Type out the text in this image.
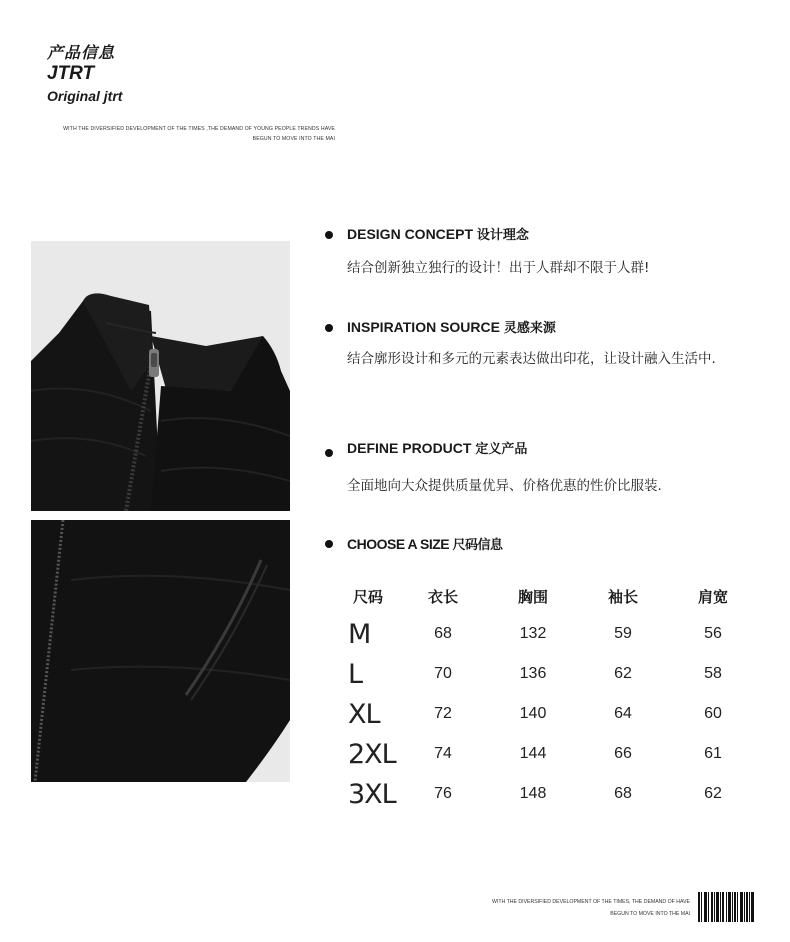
产品信息
JTRT
Original jtrt
WITH THE DIVERSIFIED DEVELOPMENT OF THE TIMES ,THE DEMAND OF YOUNG PEOPLE TRENDS HAVE BEGUN TO MOVE INTO THE MAI
DESIGN CONCEPT 设计理念
结合创新独立独行的设计！出于人群却不限于人群!
INSPIRATION SOURCE 灵感来源
结合廓形设计和多元的元素表达做出印花，让设计融入生活中.
DEFINE PRODUCT 定义产品
全面地向大众提供质量优异、价格优惠的性价比服装.
CHOOSE A SIZE 尺码信息
尺码	衣长	胸围	袖长	肩宽
M	68	132	59	56
L	70	136	62	58
XL	72	140	64	60
2XL	74	144	66	61
3XL	76	148	68	62
WITH THE DIVERSIFIED DEVELOPMENT OF THE TIMES, THE DEMAND OF HAVE BEGUN TO MOVE INTO THE MAI
